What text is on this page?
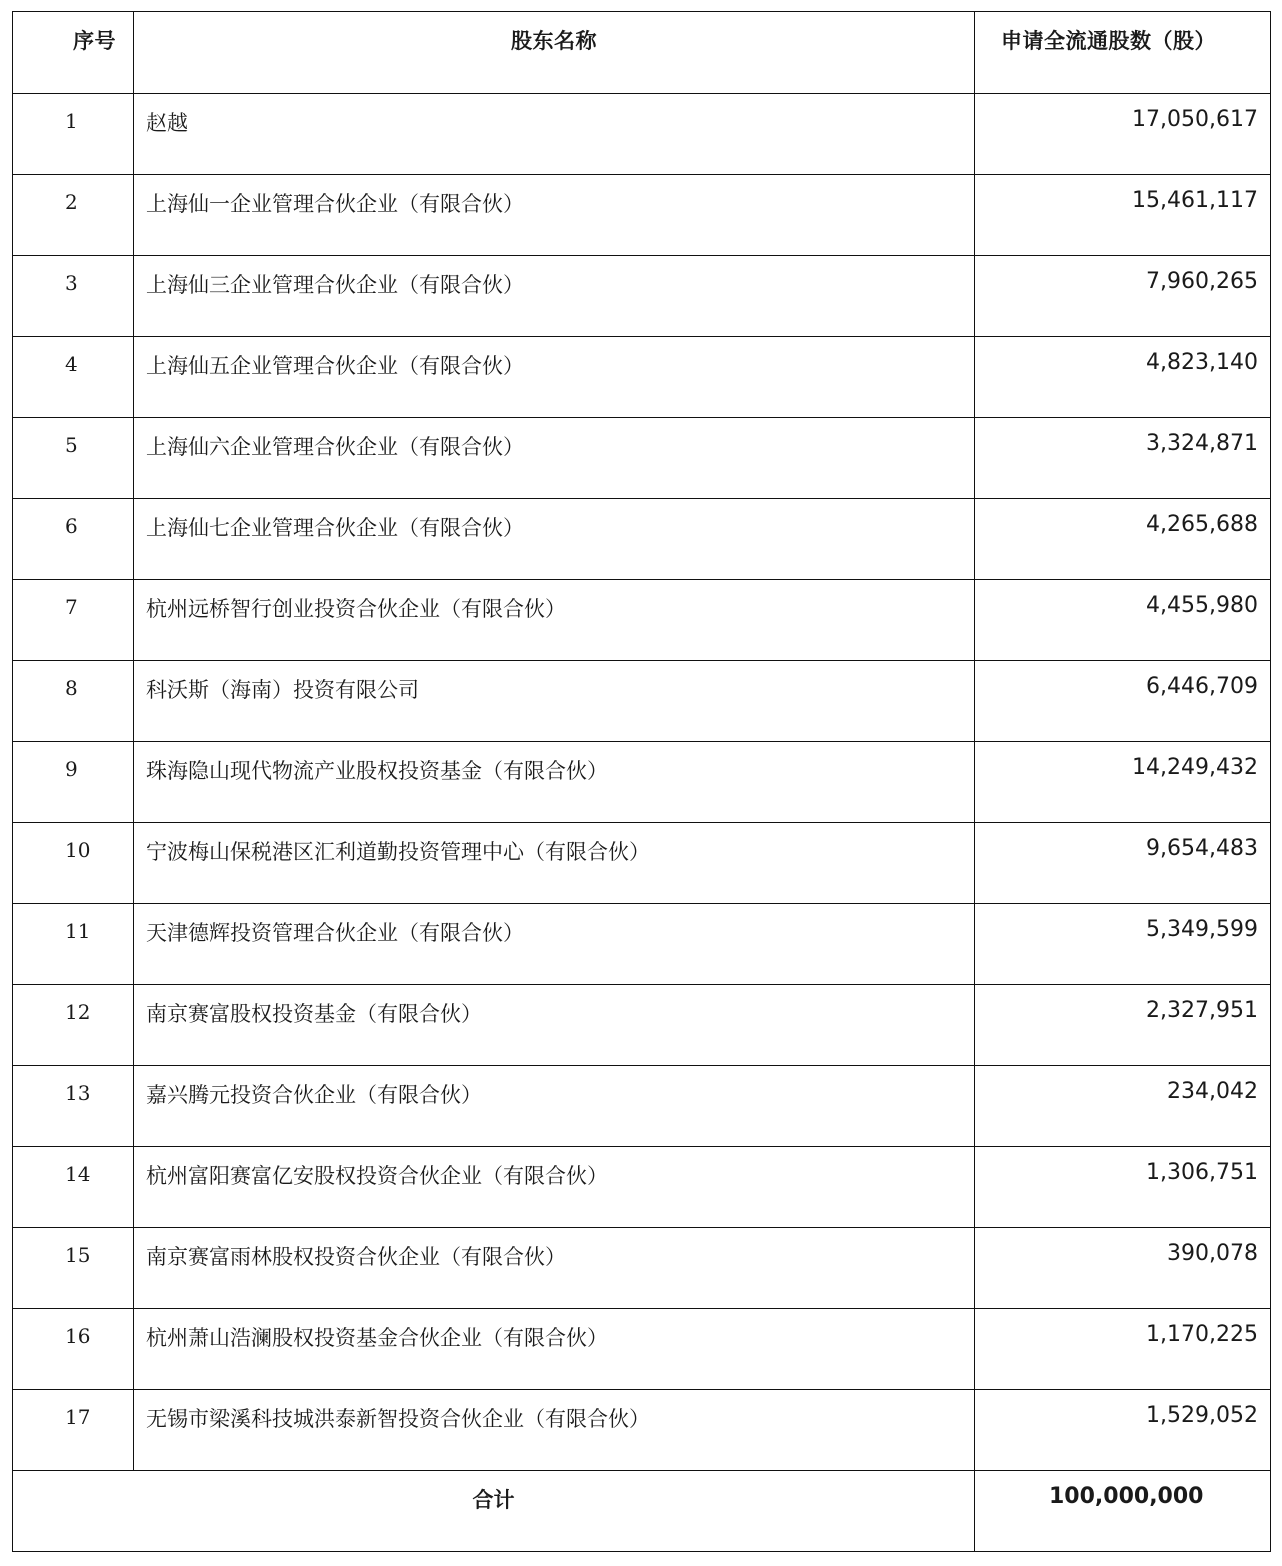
序号	股东名称	申请全流通股数（股）
1	赵越	17,050,617
2	上海仙一企业管理合伙企业（有限合伙）	15,461,117
3	上海仙三企业管理合伙企业（有限合伙）	7,960,265
4	上海仙五企业管理合伙企业（有限合伙）	4,823,140
5	上海仙六企业管理合伙企业（有限合伙）	3,324,871
6	上海仙七企业管理合伙企业（有限合伙）	4,265,688
7	杭州远桥智行创业投资合伙企业（有限合伙）	4,455,980
8	科沃斯（海南）投资有限公司	6,446,709
9	珠海隐山现代物流产业股权投资基金（有限合伙）	14,249,432
10	宁波梅山保税港区汇利道勤投资管理中心（有限合伙）	9,654,483
11	天津德辉投资管理合伙企业（有限合伙）	5,349,599
12	南京赛富股权投资基金（有限合伙）	2,327,951
13	嘉兴腾元投资合伙企业（有限合伙）	234,042
14	杭州富阳赛富亿安股权投资合伙企业（有限合伙）	1,306,751
15	南京赛富雨林股权投资合伙企业（有限合伙）	390,078
16	杭州萧山浩澜股权投资基金合伙企业（有限合伙）	1,170,225
17	无锡市梁溪科技城洪泰新智投资合伙企业（有限合伙）	1,529,052
合计		100,000,000
